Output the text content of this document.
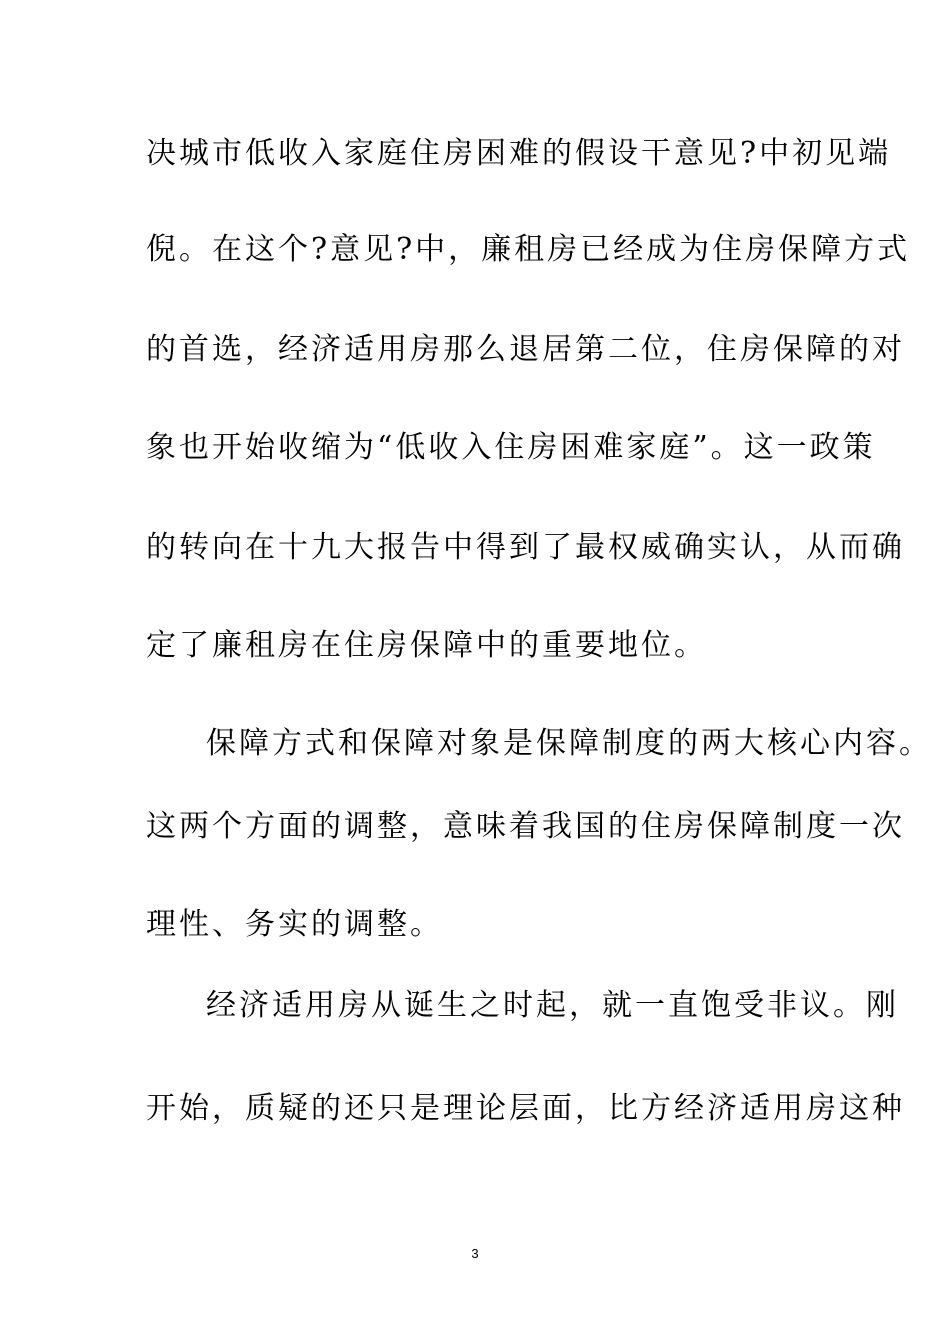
决城市低收入家庭住房困难的假设干意见?中初见端
倪。在这个?意见?中，廉租房已经成为住房保障方式
的首选，经济适用房那么退居第二位，住房保障的对
象也开始收缩为“低收入住房困难家庭”。这一政策
的转向在十九大报告中得到了最权威确实认，从而确
定了廉租房在住房保障中的重要地位。
保障方式和保障对象是保障制度的两大核心内容。
这两个方面的调整，意味着我国的住房保障制度一次
理性、务实的调整。
经济适用房从诞生之时起，就一直饱受非议。刚
开始，质疑的还只是理论层面，比方经济适用房这种
3
